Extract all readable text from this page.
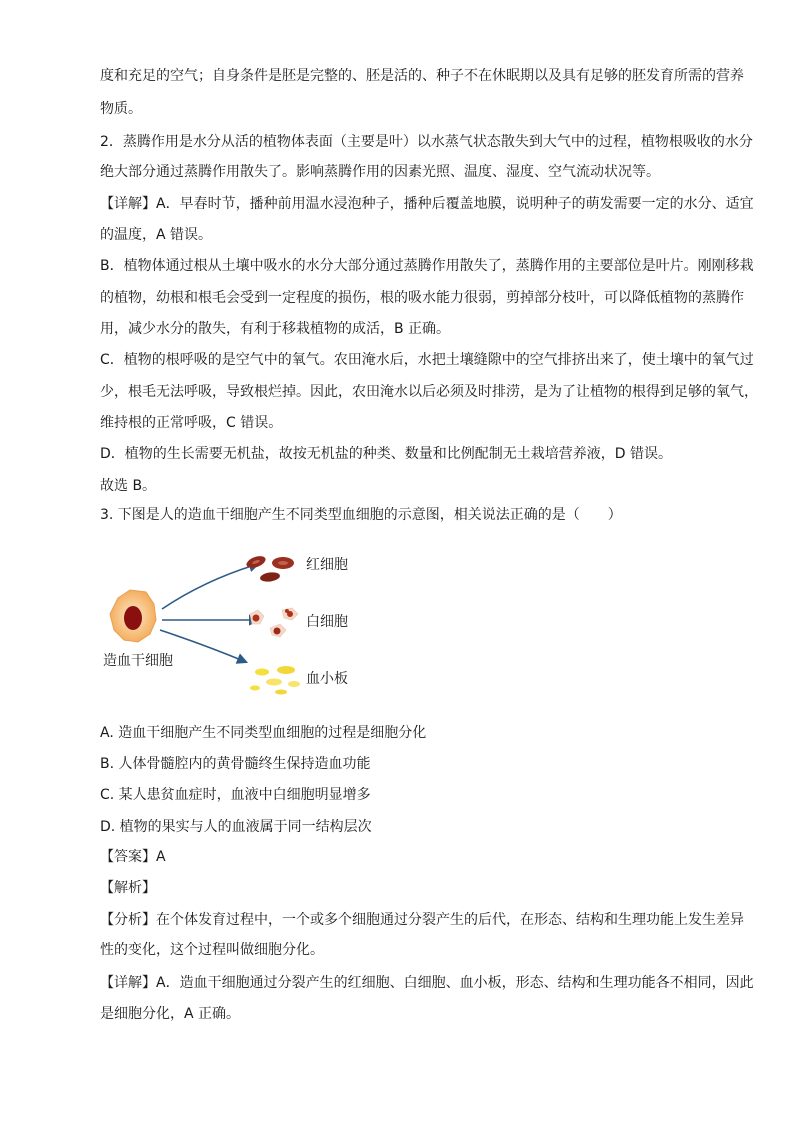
度和充足的空气；自身条件是胚是完整的、胚是活的、种子不在休眠期以及具有足够的胚发育所需的营养
物质。
2．蒸腾作用是水分从活的植物体表面（主要是叶）以水蒸气状态散失到大气中的过程，植物根吸收的水分
绝大部分通过蒸腾作用散失了。影响蒸腾作用的因素光照、温度、湿度、空气流动状况等。
【详解】A．早春时节，播种前用温水浸泡种子，播种后覆盖地膜，说明种子的萌发需要一定的水分、适宜
的温度，A 错误。
B．植物体通过根从土壤中吸水的水分大部分通过蒸腾作用散失了，蒸腾作用的主要部位是叶片。刚刚移栽
的植物，幼根和根毛会受到一定程度的损伤，根的吸水能力很弱，剪掉部分枝叶，可以降低植物的蒸腾作
用，减少水分的散失，有利于移栽植物的成活，B 正确。
C．植物的根呼吸的是空气中的氧气。农田淹水后，水把土壤缝隙中的空气排挤出来了，使土壤中的氧气过
少，根毛无法呼吸，导致根烂掉。因此，农田淹水以后必须及时排涝，是为了让植物的根得到足够的氧气，
维持根的正常呼吸，C 错误。
D．植物的生长需要无机盐，故按无机盐的种类、数量和比例配制无土栽培营养液，D 错误。
故选 B。
3. 下图是人的造血干细胞产生不同类型血细胞的示意图，相关说法正确的是（　　）
造血干细胞
红细胞
白细胞
血小板
A. 造血干细胞产生不同类型血细胞的过程是细胞分化
B. 人体骨髓腔内的黄骨髓终生保持造血功能
C. 某人患贫血症时，血液中白细胞明显增多
D. 植物的果实与人的血液属于同一结构层次
【答案】A
【解析】
【分析】在个体发育过程中，一个或多个细胞通过分裂产生的后代，在形态、结构和生理功能上发生差异
性的变化，这个过程叫做细胞分化。
【详解】A．造血干细胞通过分裂产生的红细胞、白细胞、血小板，形态、结构和生理功能各不相同，因此
是细胞分化，A 正确。
